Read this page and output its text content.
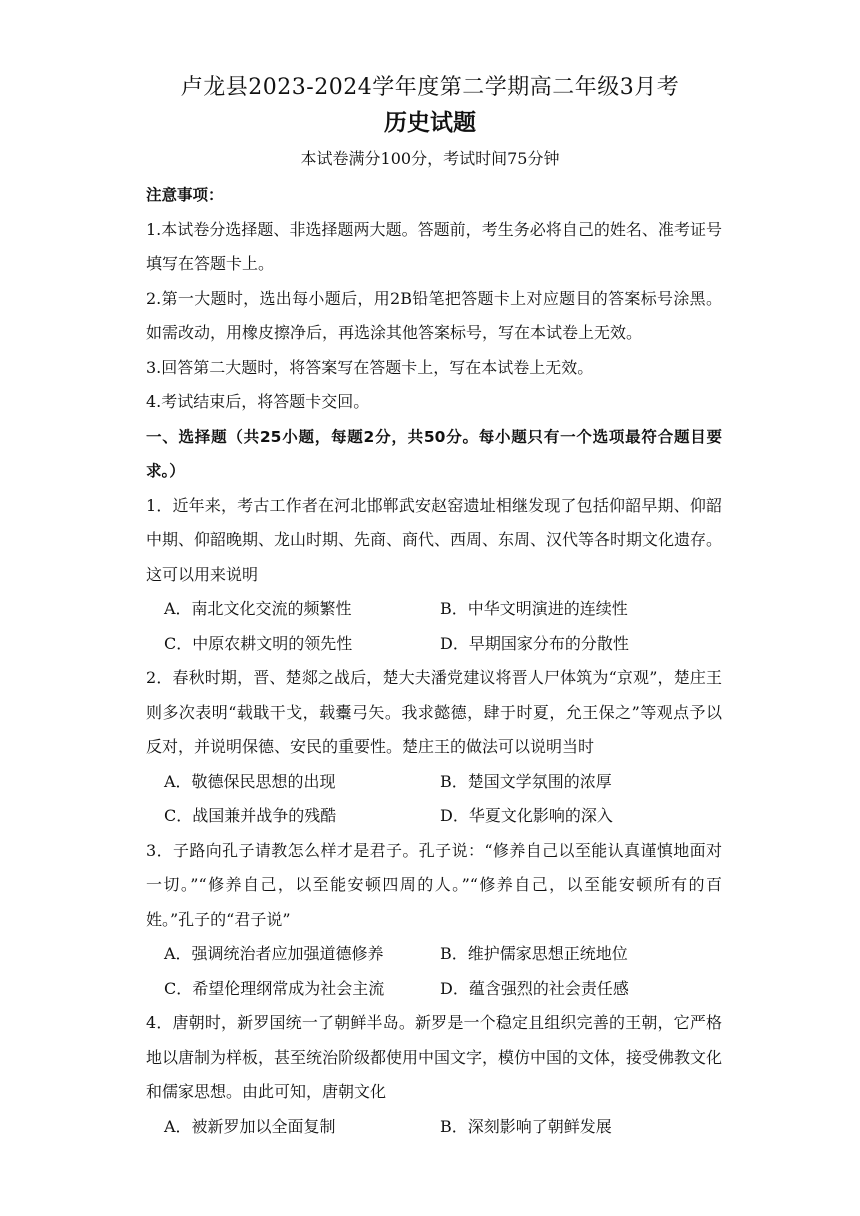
卢龙县2023-2024学年度第二学期高二年级3月考
历史试题
本试卷满分100分，考试时间75分钟

注意事项：

1.本试卷分选择题、非选择题两大题。答题前，考生务必将自己的姓名、准考证号填写在答题卡上。

2.第一大题时，选出每小题后，用2B铅笔把答题卡上对应题目的答案标号涂黑。如需改动，用橡皮擦净后，再选涂其他答案标号，写在本试卷上无效。

3.回答第二大题时，将答案写在答题卡上，写在本试卷上无效。

4.考试结束后，将答题卡交回。

一、选择题（共25小题，每题2分，共50分。每小题只有一个选项最符合题目要求。）

1．近年来，考古工作者在河北邯郸武安赵窑遗址相继发现了包括仰韶早期、仰韶中期、仰韶晚期、龙山时期、先商、商代、西周、东周、汉代等各时期文化遗存。这可以用来说明

A．南北文化交流的频繁性	B．中华文明演进的连续性
C．中原农耕文明的领先性	D．早期国家分布的分散性

2．春秋时期，晋、楚郯之战后，楚大夫潘党建议将晋人尸体筑为“京观”，楚庄王则多次表明“载戢干戈，载櫜弓矢。我求懿德，肆于时夏，允王保之”等观点予以反对，并说明保德、安民的重要性。楚庄王的做法可以说明当时

A．敬德保民思想的出现	B．楚国文学氛围的浓厚
C．战国兼并战争的残酷	D．华夏文化影响的深入

3．子路向孔子请教怎么样才是君子。孔子说：“修养自己以至能认真谨慎地面对一切。”“修养自己，以至能安顿四周的人。”“修养自己，以至能安顿所有的百姓。”孔子的“君子说”

A．强调统治者应加强道德修养	B．维护儒家思想正统地位
C．希望伦理纲常成为社会主流	D．蕴含强烈的社会责任感

4．唐朝时，新罗国统一了朝鲜半岛。新罗是一个稳定且组织完善的王朝，它严格地以唐制为样板，甚至统治阶级都使用中国文字，模仿中国的文体，接受佛教文化和儒家思想。由此可知，唐朝文化

A．被新罗加以全面复制	B．深刻影响了朝鲜发展
